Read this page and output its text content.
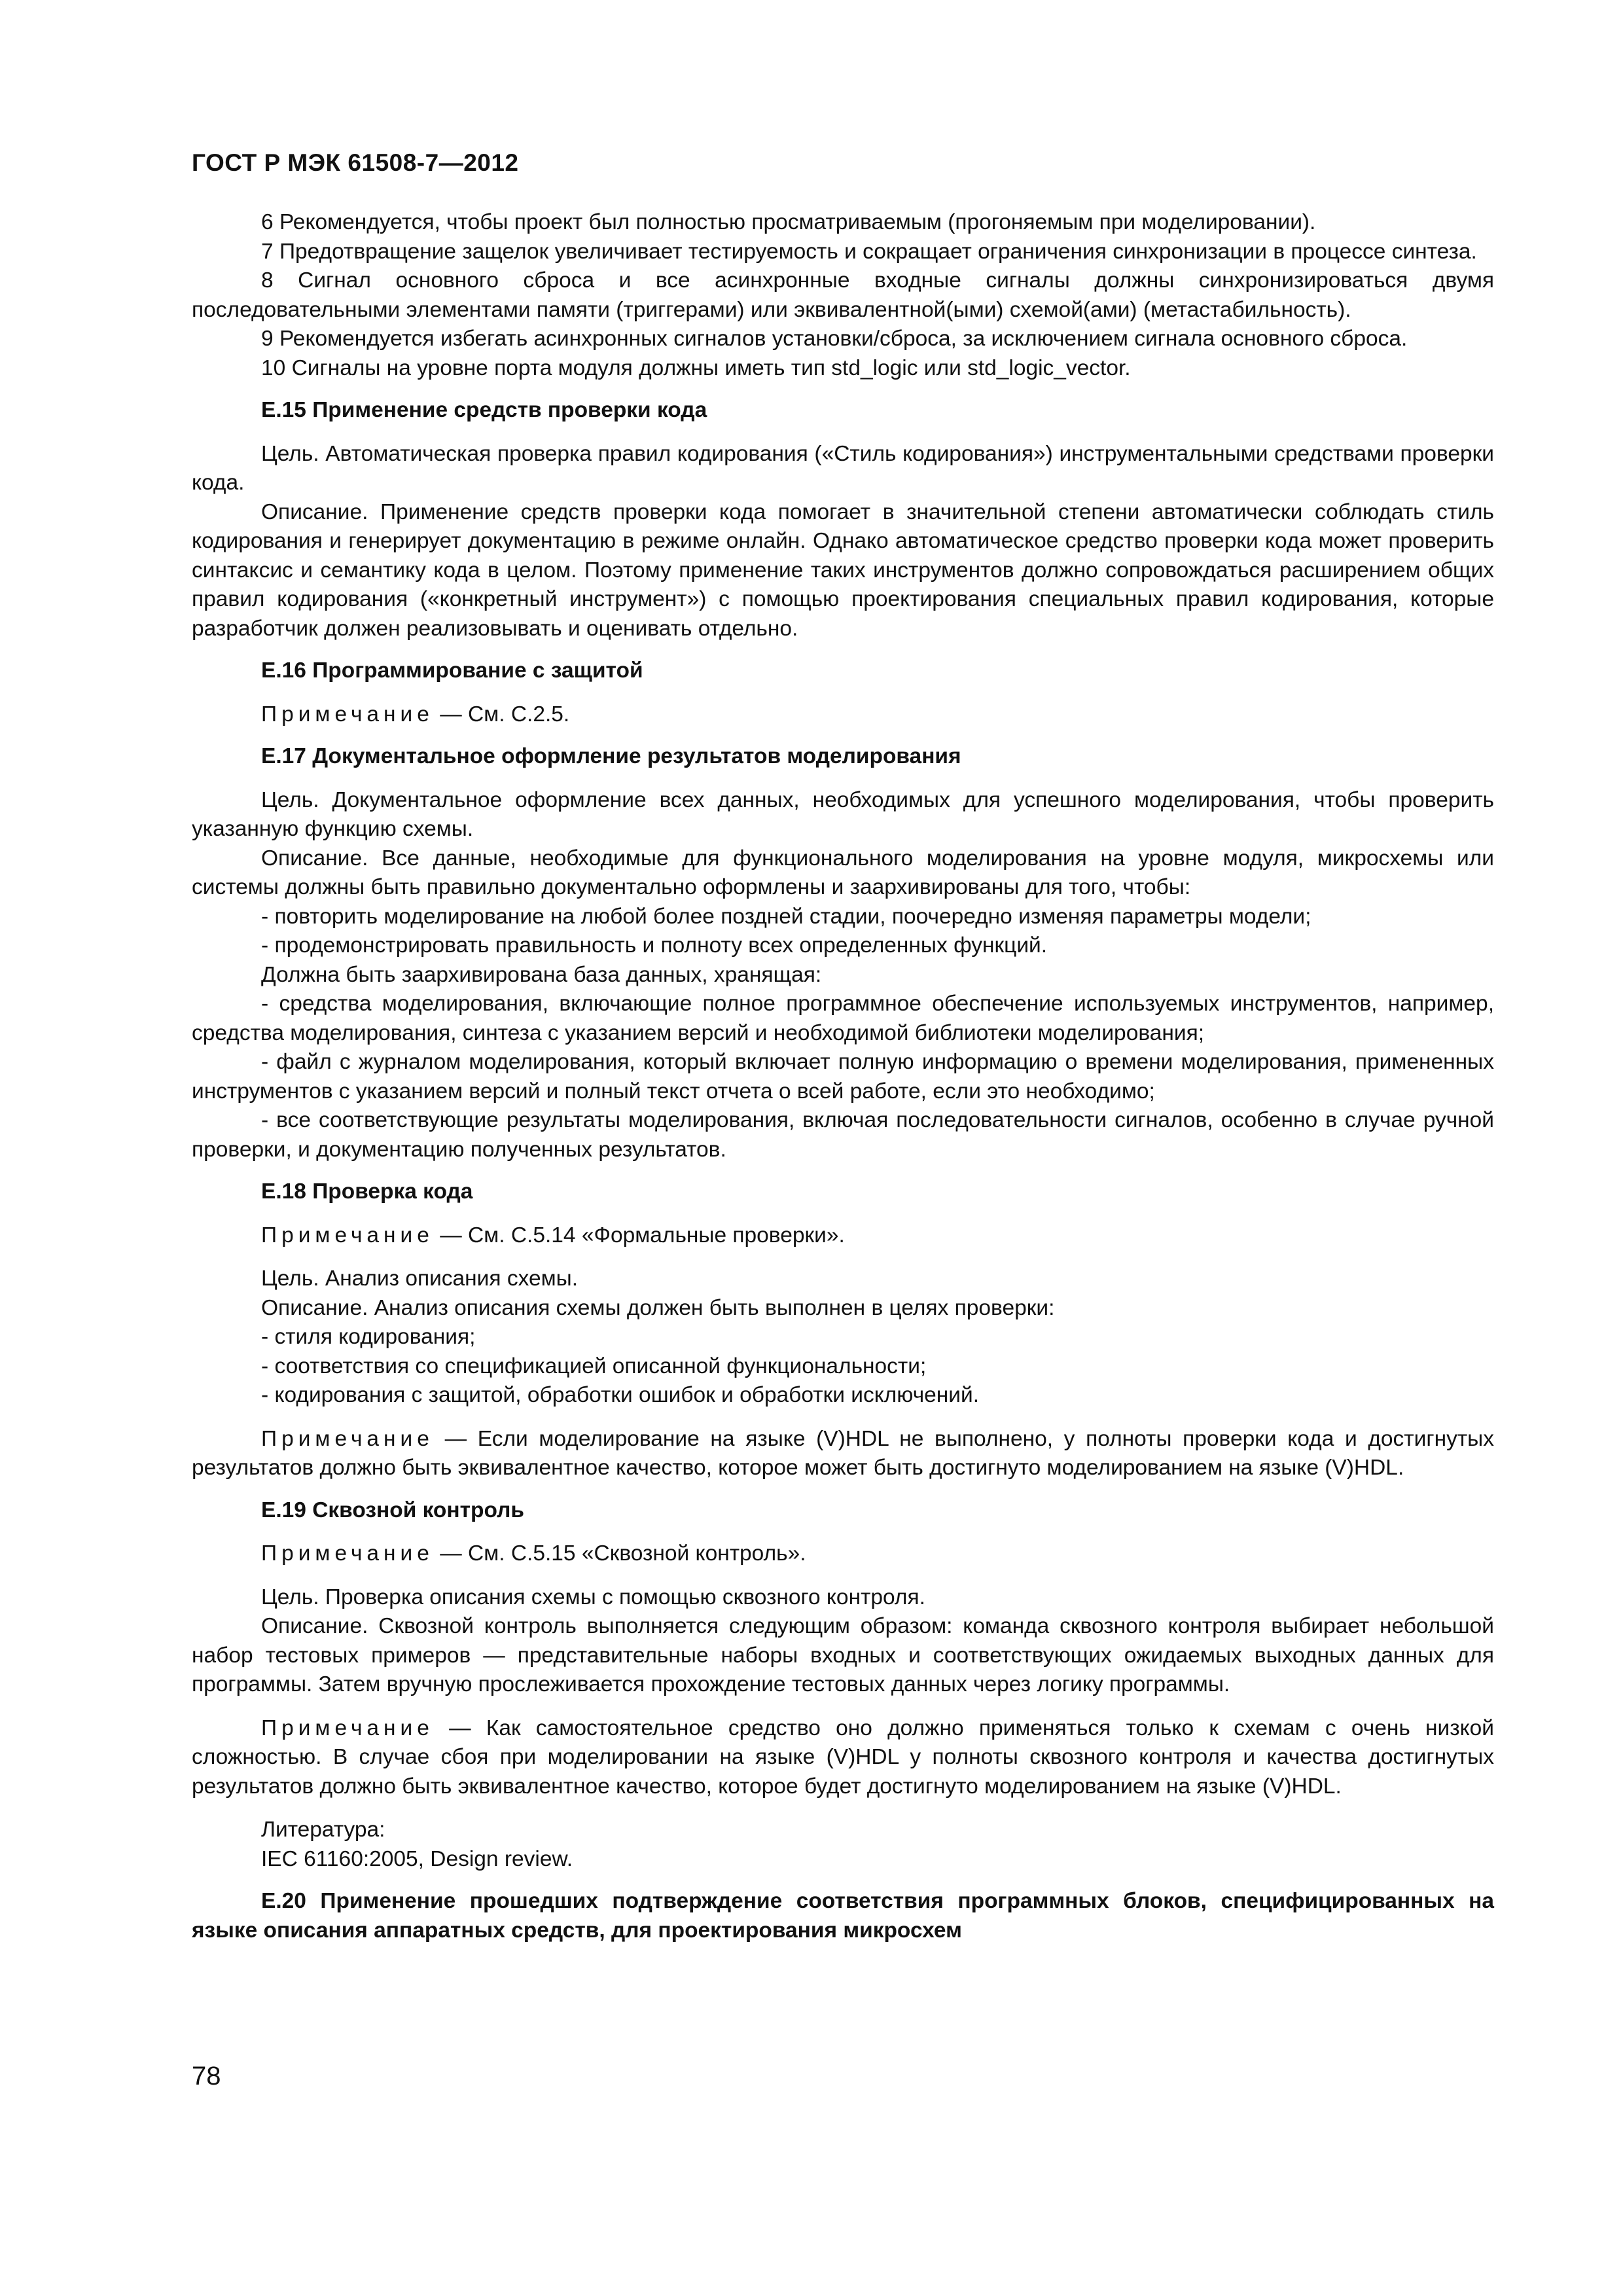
ГОСТ Р МЭК 61508-7—2012

6 Рекомендуется, чтобы проект был полностью просматриваемым (прогоняемым при моделировании).

7 Предотвращение защелок увеличивает тестируемость и сокращает ограничения синхронизации в процессе синтеза.

8 Сигнал основного сброса и все асинхронные входные сигналы должны синхронизироваться двумя последовательными элементами памяти (триггерами) или эквивалентной(ыми) схемой(ами) (метастабильность).

9 Рекомендуется избегать асинхронных сигналов установки/сброса, за исключением сигнала основного сброса.

10 Сигналы на уровне порта модуля должны иметь тип std_logic или std_logic_vector.

E.15 Применение средств проверки кода

Цель. Автоматическая проверка правил кодирования («Стиль кодирования») инструментальными средствами проверки кода.

Описание. Применение средств проверки кода помогает в значительной степени автоматически соблюдать стиль кодирования и генерирует документацию в режиме онлайн. Однако автоматическое средство проверки кода может проверить синтаксис и семантику кода в целом. Поэтому применение таких инструментов должно сопровождаться расширением общих правил кодирования («конкретный инструмент») с помощью проектирования специальных правил кодирования, которые разработчик должен реализовывать и оценивать отдельно.

E.16 Программирование с защитой

Примечание — См. С.2.5.

E.17 Документальное оформление результатов моделирования

Цель. Документальное оформление всех данных, необходимых для успешного моделирования, чтобы проверить указанную функцию схемы.

Описание. Все данные, необходимые для функционального моделирования на уровне модуля, микросхемы или системы должны быть правильно документально оформлены и заархивированы для того, чтобы:

- повторить моделирование на любой более поздней стадии, поочередно изменяя параметры модели;

- продемонстрировать правильность и полноту всех определенных функций.

Должна быть заархивирована база данных, хранящая:

- средства моделирования, включающие полное программное обеспечение используемых инструментов, например, средства моделирования, синтеза с указанием версий и необходимой библиотеки моделирования;

- файл с журналом моделирования, который включает полную информацию о времени моделирования, примененных инструментов с указанием версий и полный текст отчета о всей работе, если это необходимо;

- все соответствующие результаты моделирования, включая последовательности сигналов, особенно в случае ручной проверки, и документацию полученных результатов.

E.18 Проверка кода

Примечание — См. С.5.14 «Формальные проверки».

Цель. Анализ описания схемы.

Описание. Анализ описания схемы должен быть выполнен в целях проверки:

- стиля кодирования;

- соответствия со спецификацией описанной функциональности;

- кодирования с защитой, обработки ошибок и обработки исключений.

Примечание — Если моделирование на языке (V)HDL не выполнено, у полноты проверки кода и достигнутых результатов должно быть эквивалентное качество, которое может быть достигнуто моделированием на языке (V)HDL.

E.19 Сквозной контроль

Примечание — См. С.5.15 «Сквозной контроль».

Цель. Проверка описания схемы с помощью сквозного контроля.

Описание. Сквозной контроль выполняется следующим образом: команда сквозного контроля выбирает небольшой набор тестовых примеров — представительные наборы входных и соответствующих ожидаемых выходных данных для программы. Затем вручную прослеживается прохождение тестовых данных через логику программы.

Примечание — Как самостоятельное средство оно должно применяться только к схемам с очень низкой сложностью. В случае сбоя при моделировании на языке (V)HDL у полноты сквозного контроля и качества достигнутых результатов должно быть эквивалентное качество, которое будет достигнуто моделированием на языке (V)HDL.

Литература:

IEC 61160:2005, Design review.

E.20 Применение прошедших подтверждение соответствия программных блоков, специфицированных на языке описания аппаратных средств, для проектирования микросхем

78
